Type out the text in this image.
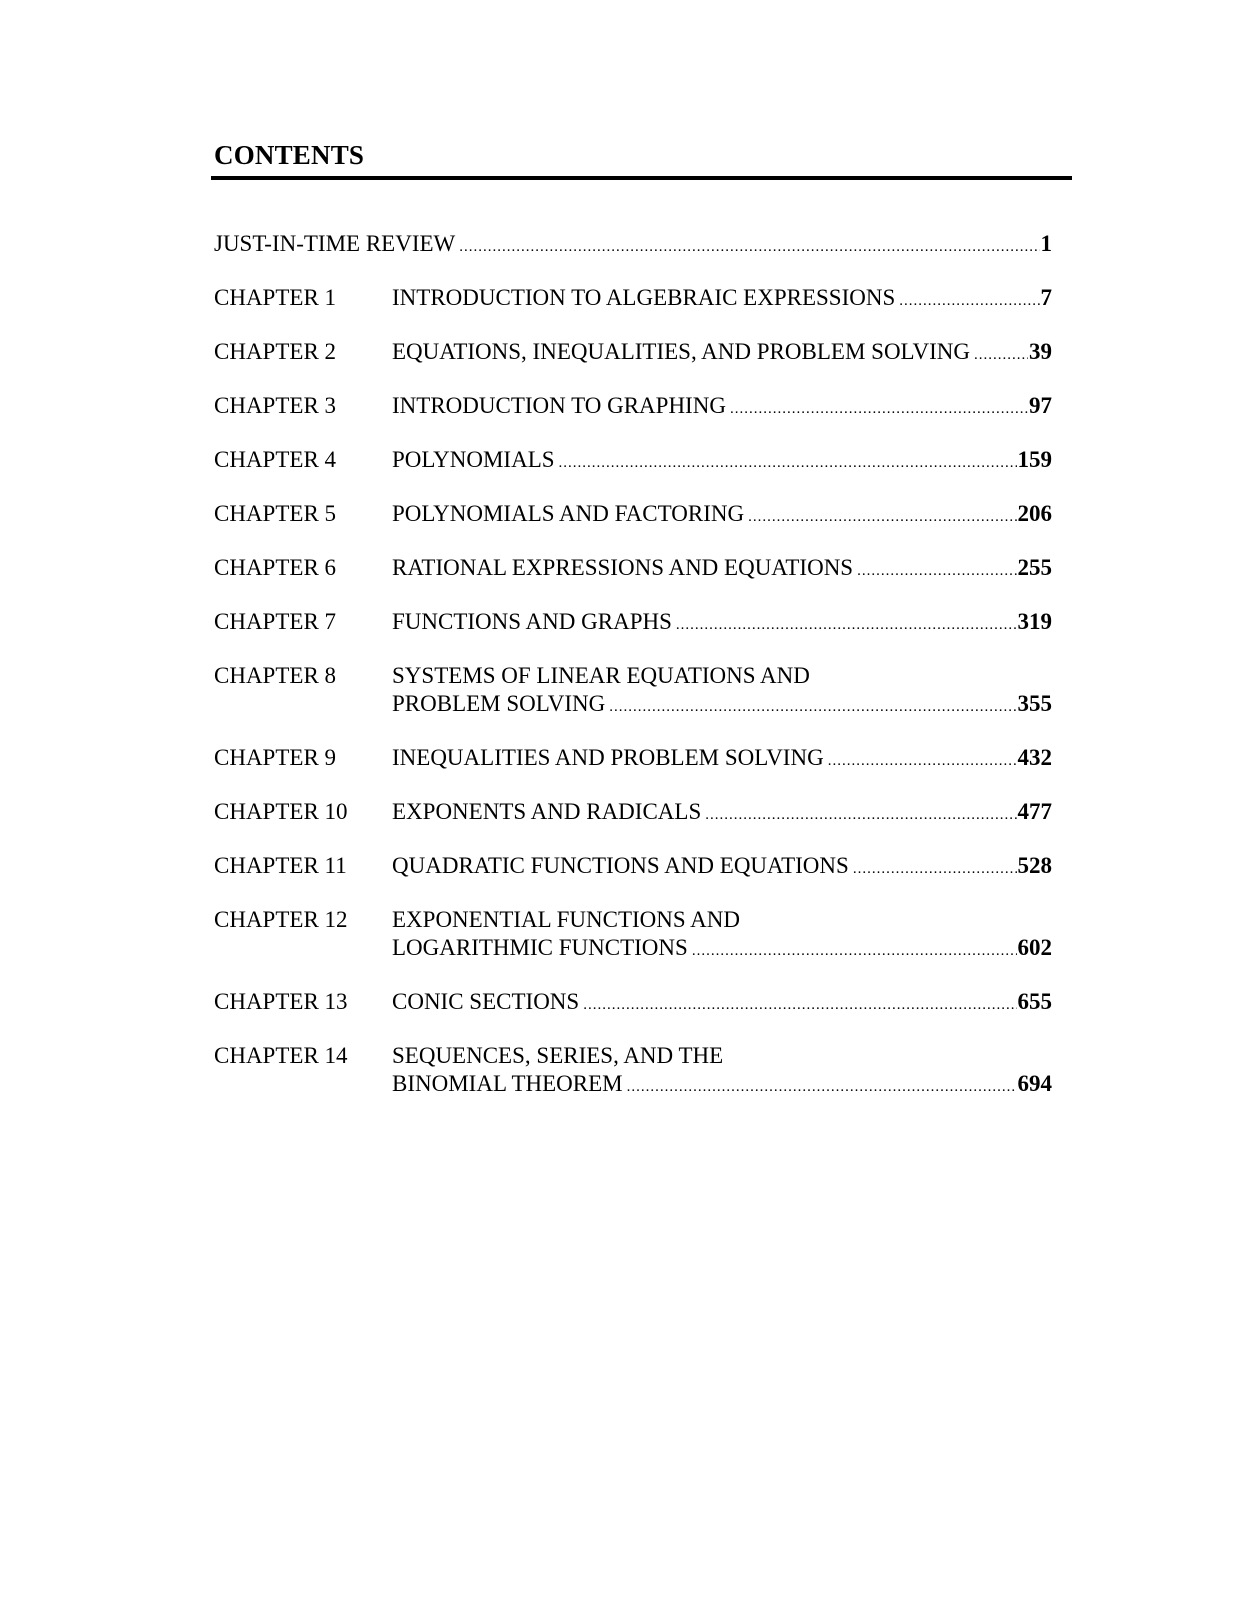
CONTENTS
JUST-IN-TIME REVIEW .....	1
CHAPTER 1	INTRODUCTION TO ALGEBRAIC EXPRESSIONS .....	7
CHAPTER 2	EQUATIONS, INEQUALITIES, AND PROBLEM SOLVING .....	39
CHAPTER 3	INTRODUCTION TO GRAPHING .....	97
CHAPTER 4	POLYNOMIALS .....	159
CHAPTER 5	POLYNOMIALS AND FACTORING .....	206
CHAPTER 6	RATIONAL EXPRESSIONS AND EQUATIONS .....	255
CHAPTER 7	FUNCTIONS AND GRAPHS .....	319
CHAPTER 8	SYSTEMS OF LINEAR EQUATIONS AND
PROBLEM SOLVING .....	355
CHAPTER 9	INEQUALITIES AND PROBLEM SOLVING .....	432
CHAPTER 10	EXPONENTS AND RADICALS .....	477
CHAPTER 11	QUADRATIC FUNCTIONS AND EQUATIONS .....	528
CHAPTER 12	EXPONENTIAL FUNCTIONS AND
LOGARITHMIC FUNCTIONS .....	602
CHAPTER 13	CONIC SECTIONS .....	655
CHAPTER 14	SEQUENCES, SERIES, AND THE
BINOMIAL THEOREM .....	694
